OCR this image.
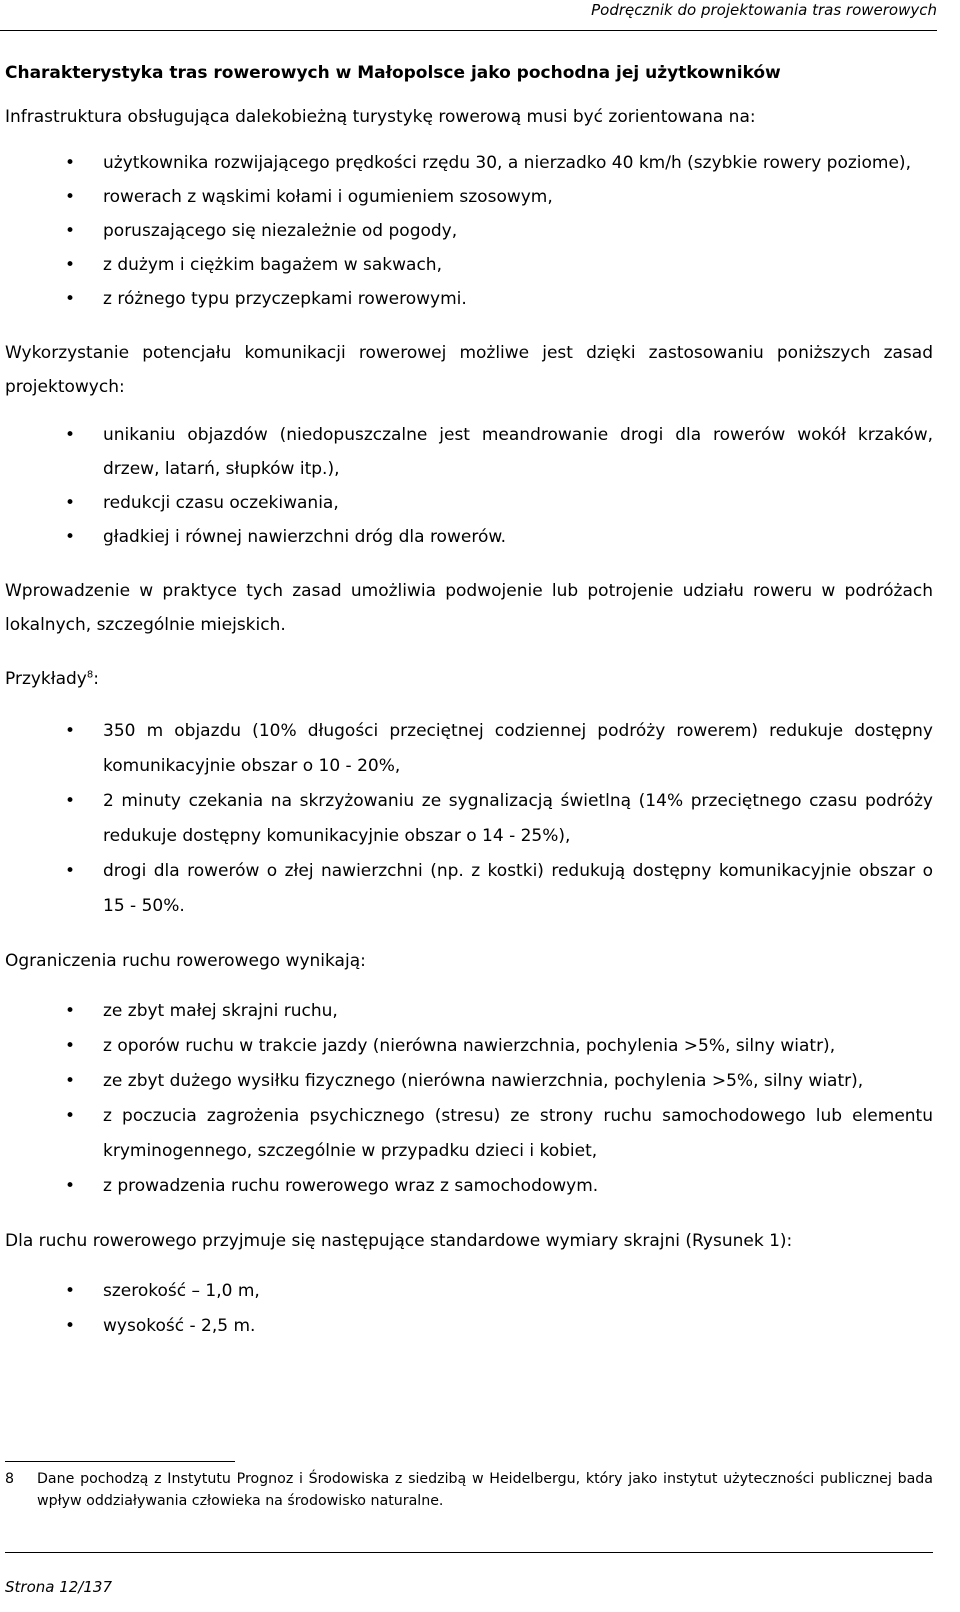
Podręcznik do projektowania tras rowerowych

Charakterystyka tras rowerowych w Małopolsce jako pochodna jej użytkowników

Infrastruktura obsługująca dalekobieżną turystykę rowerową musi być zorientowana na:

• użytkownika rozwijającego prędkości rzędu 30, a nierzadko 40 km/h (szybkie rowery poziome),
• rowerach z wąskimi kołami i ogumieniem szosowym,
• poruszającego się niezależnie od pogody,
• z dużym i ciężkim bagażem w sakwach,
• z różnego typu przyczepkami rowerowymi.

Wykorzystanie potencjału komunikacji rowerowej możliwe jest dzięki zastosowaniu poniższych zasad projektowych:

• unikaniu objazdów (niedopuszczalne jest meandrowanie drogi dla rowerów wokół krzaków, drzew, latarń, słupków itp.),
• redukcji czasu oczekiwania,
• gładkiej i równej nawierzchni dróg dla rowerów.

Wprowadzenie w praktyce tych zasad umożliwia podwojenie lub potrojenie udziału roweru w podróżach lokalnych, szczególnie miejskich.

Przykłady$^8$:

• 350 m objazdu (10% długości przeciętnej codziennej podróży rowerem) redukuje dostępny komunikacyjnie obszar o 10 - 20%,
• 2 minuty czekania na skrzyżowaniu ze sygnalizacją świetlną (14% przeciętnego czasu podróży redukuje dostępny komunikacyjnie obszar o 14 - 25%),
• drogi dla rowerów o złej nawierzchni (np. z kostki) redukują dostępny komunikacyjnie obszar o 15 - 50%.

Ograniczenia ruchu rowerowego wynikają:

• ze zbyt małej skrajni ruchu,
• z oporów ruchu w trakcie jazdy (nierówna nawierzchnia, pochylenia >5%, silny wiatr),
• ze zbyt dużego wysiłku fizycznego (nierówna nawierzchnia, pochylenia >5%, silny wiatr),
• z poczucia zagrożenia psychicznego (stresu) ze strony ruchu samochodowego lub elementu kryminogennego, szczególnie w przypadku dzieci i kobiet,
• z prowadzenia ruchu rowerowego wraz z samochodowym.

Dla ruchu rowerowego przyjmuje się następujące standardowe wymiary skrajni (Rysunek 1):

• szerokość – 1,0 m,
• wysokość - 2,5 m.
8	Dane pochodzą z Instytutu Prognoz i Środowiska z siedzibą w Heidelbergu, który jako instytut użyteczności publicznej bada wpływ oddziaływania człowieka na środowisko naturalne.
Strona 12/137
